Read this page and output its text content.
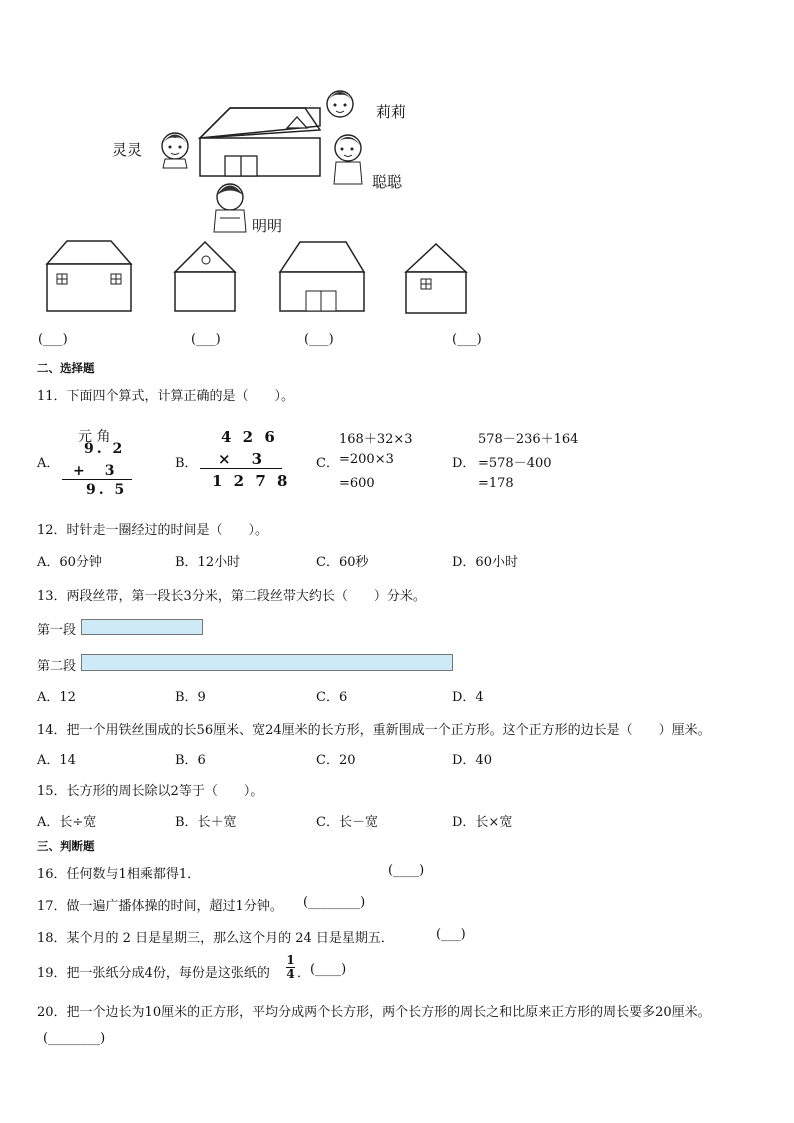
灵灵
莉莉
聪聪
明明
(___)	(___)	(___)	(___)
二、选择题
11．下面四个算式，计算正确的是（　　）。
A．
元 角
9. 2
+　3
9. 5
B．
4 2 6
×　3
1 2 7 8
C．
168＋32×3
=200×3
=600
D．
578－236＋164
=578－400
=178
12．时针走一圈经过的时间是（　　）。
A．60分钟	B．12小时	C．60秒	D．60小时
13．两段丝带，第一段长3分米，第二段丝带大约长（　　）分米。
第一段
第二段
A．12	B．9	C．6	D．4
14．把一个用铁丝围成的长56厘米、宽24厘米的长方形，重新围成一个正方形。这个正方形的边长是（　　）厘米。
A．14	B．6	C．20	D．40
15．长方形的周长除以2等于（　　）。
A．长÷宽	B．长＋宽	C．长－宽	D．长×宽
三、判断题
16．任何数与1相乘都得1．	(____)
17．做一遍广播体操的时间，超过1分钟。 (________)
18．某个月的 2 日是星期三，那么这个月的 24 日是星期五．	(___)
19．把一张纸分成4份，每份是这张纸的
1
4 ． (____)
20．把一个边长为10厘米的正方形，平均分成两个长方形，两个长方形的周长之和比原来正方形的周长要多20厘米。
(________)
